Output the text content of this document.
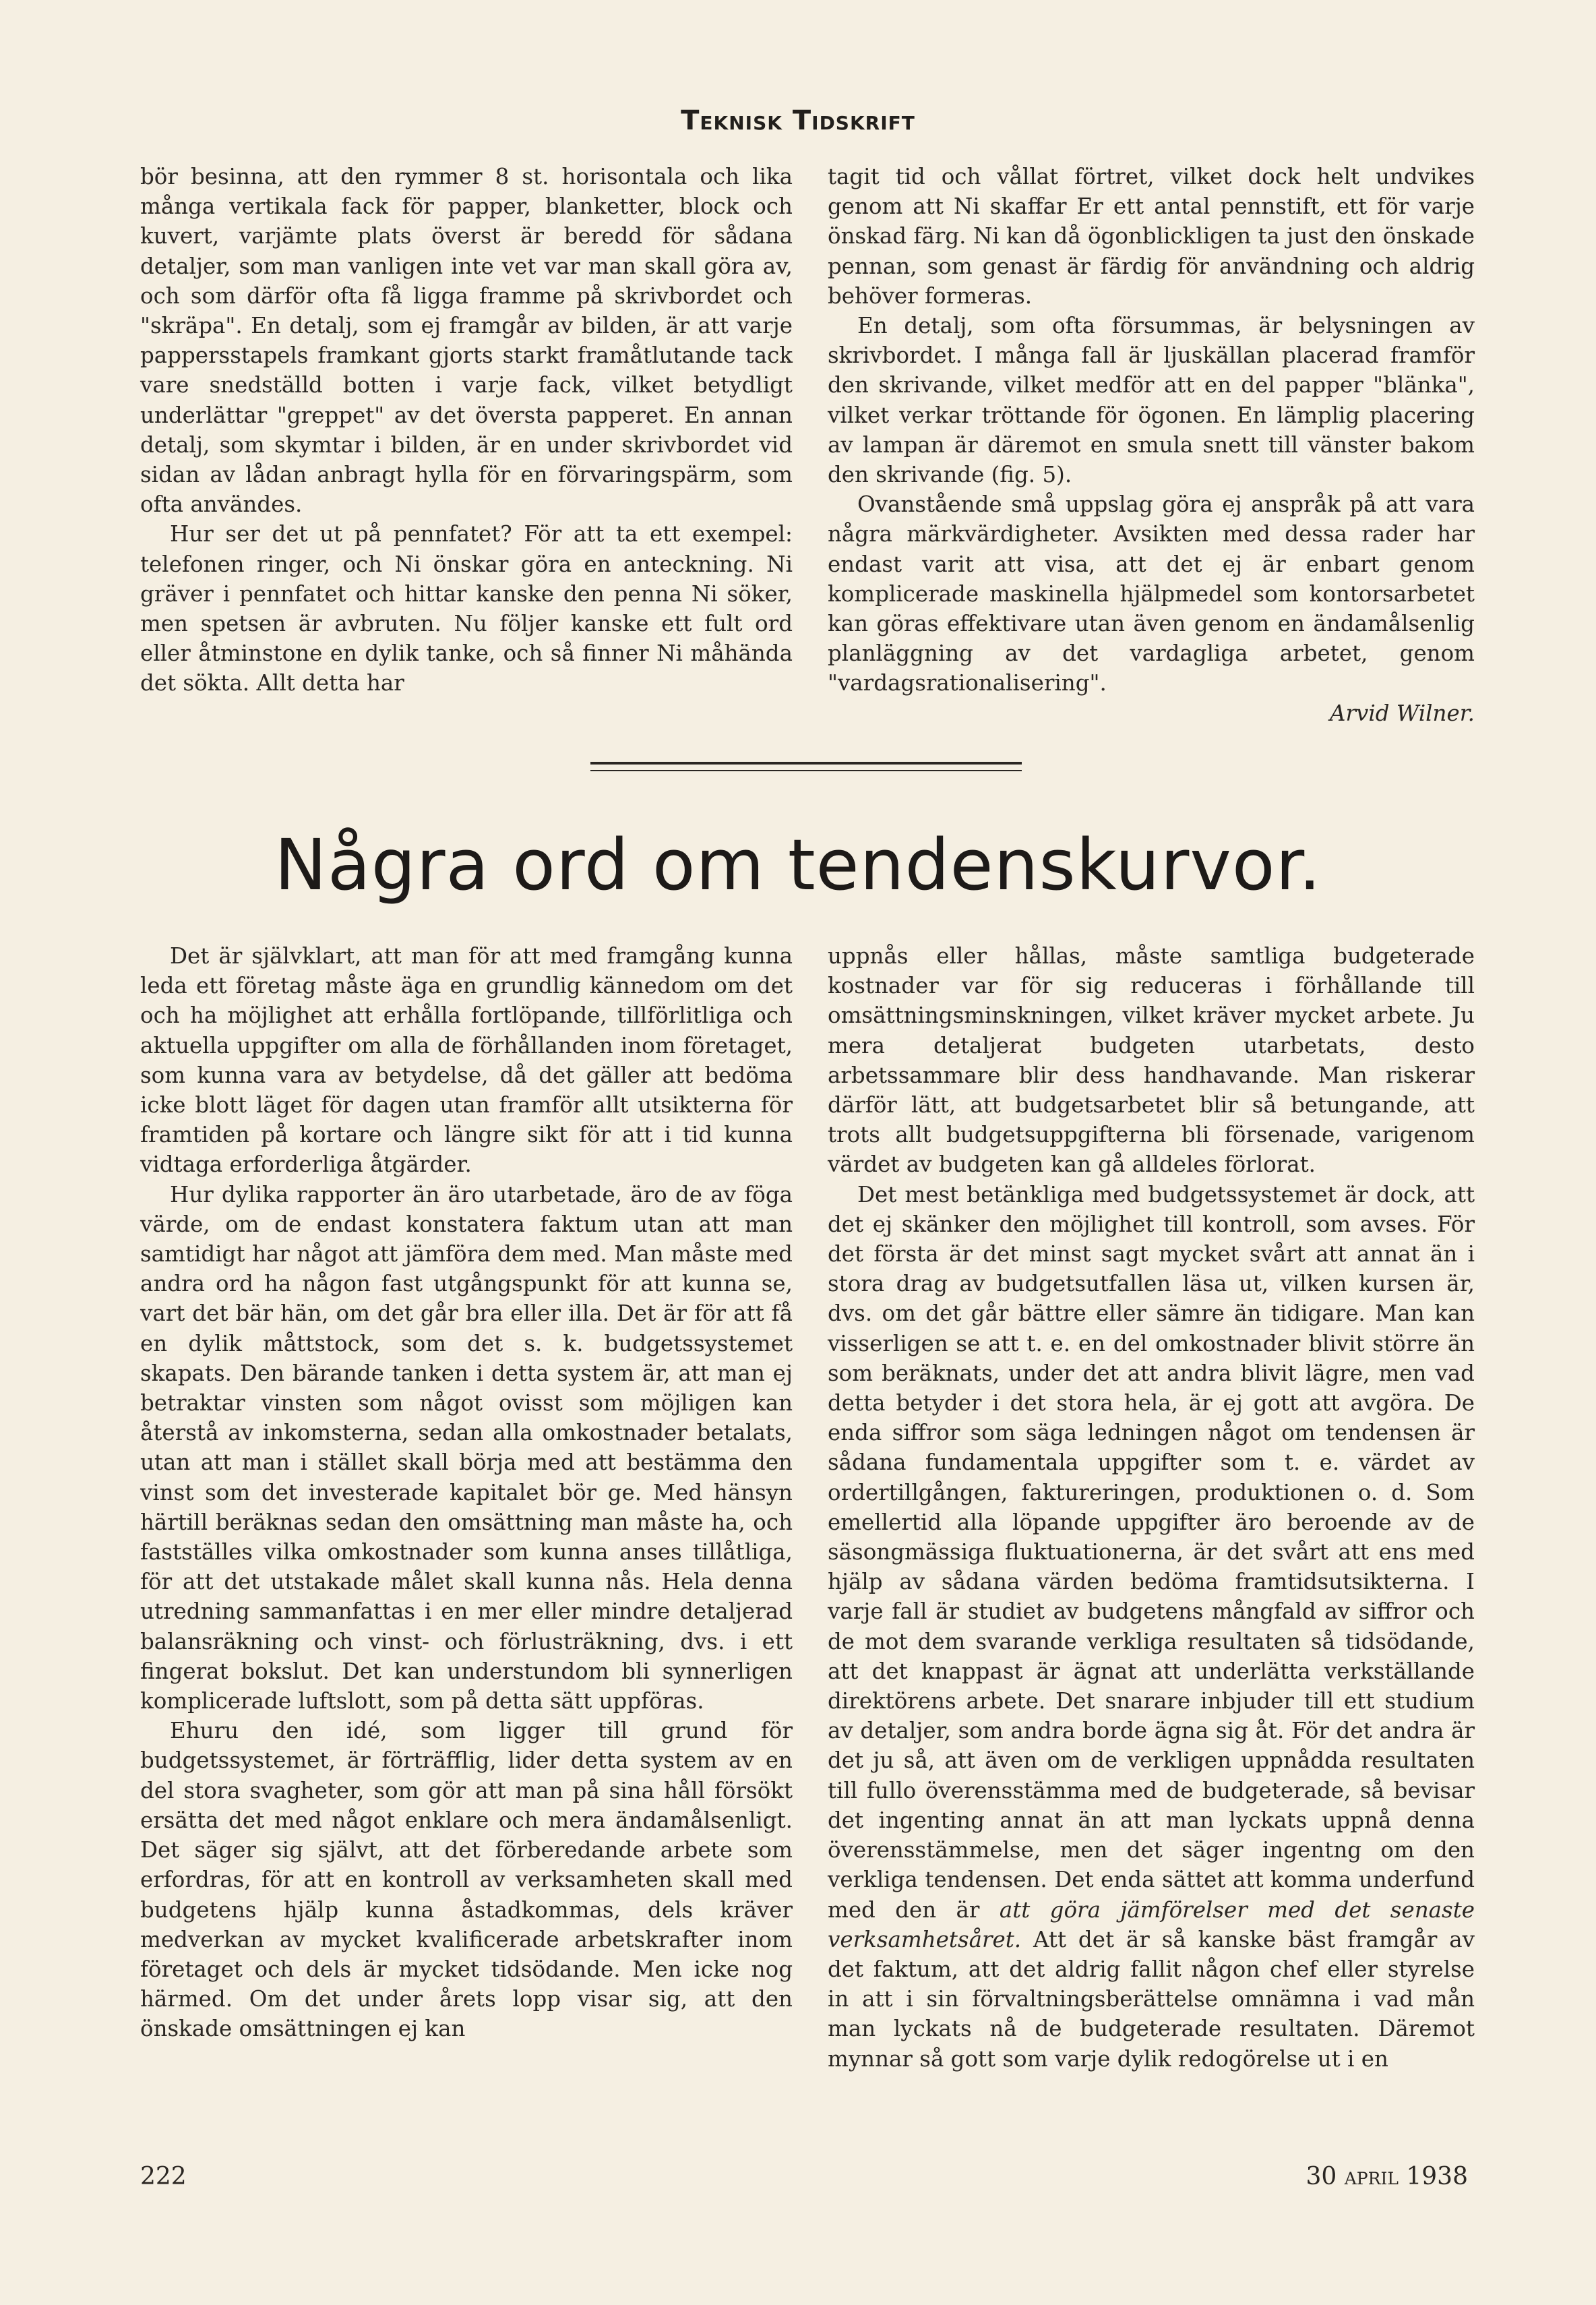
Teknisk Tidskrift

bör besinna, att den rymmer 8 st. horisontala och lika många vertikala fack för papper, blanketter, block och kuvert, varjämte plats överst är beredd för sådana detaljer, som man vanligen inte vet var man skall göra av, och som därför ofta få ligga framme på skrivbordet och "skräpa". En detalj, som ej framgår av bilden, är att varje pappersstapels framkant gjorts starkt framåtlutande tack vare snedställd botten i varje fack, vilket betydligt underlättar "greppet" av det översta papperet. En annan detalj, som skymtar i bilden, är en under skrivbordet vid sidan av lådan anbragt hylla för en förvaringspärm, som ofta användes.

Hur ser det ut på pennfatet? För att ta ett exempel: telefonen ringer, och Ni önskar göra en anteckning. Ni gräver i pennfatet och hittar kanske den penna Ni söker, men spetsen är avbruten. Nu följer kanske ett fult ord eller åtminstone en dylik tanke, och så finner Ni måhända det sökta. Allt detta har

tagit tid och vållat förtret, vilket dock helt undvikes genom att Ni skaffar Er ett antal pennstift, ett för varje önskad färg. Ni kan då ögonblickligen ta just den önskade pennan, som genast är färdig för användning och aldrig behöver formeras.

En detalj, som ofta försummas, är belysningen av skrivbordet. I många fall är ljuskällan placerad framför den skrivande, vilket medför att en del papper "blänka", vilket verkar tröttande för ögonen. En lämplig placering av lampan är däremot en smula snett till vänster bakom den skrivande (fig. 5).

Ovanstående små uppslag göra ej anspråk på att vara några märkvärdigheter. Avsikten med dessa rader har endast varit att visa, att det ej är enbart genom komplicerade maskinella hjälpmedel som kontorsarbetet kan göras effektivare utan även genom en ändamålsenlig planläggning av det vardagliga arbetet, genom "vardagsrationalisering".

Arvid Wilner.

Några ord om tendenskurvor.

Det är självklart, att man för att med framgång kunna leda ett företag måste äga en grundlig kännedom om det och ha möjlighet att erhålla fortlöpande, tillförlitliga och aktuella uppgifter om alla de förhållanden inom företaget, som kunna vara av betydelse, då det gäller att bedöma icke blott läget för dagen utan framför allt utsikterna för framtiden på kortare och längre sikt för att i tid kunna vidtaga erforderliga åtgärder.

Hur dylika rapporter än äro utarbetade, äro de av föga värde, om de endast konstatera faktum utan att man samtidigt har något att jämföra dem med. Man måste med andra ord ha någon fast utgångspunkt för att kunna se, vart det bär hän, om det går bra eller illa. Det är för att få en dylik måttstock, som det s. k. budgetssystemet skapats. Den bärande tanken i detta system är, att man ej betraktar vinsten som något ovisst som möjligen kan återstå av inkomsterna, sedan alla omkostnader betalats, utan att man i stället skall börja med att bestämma den vinst som det investerade kapitalet bör ge. Med hänsyn härtill beräknas sedan den omsättning man måste ha, och fastställes vilka omkostnader som kunna anses tillåtliga, för att det utstakade målet skall kunna nås. Hela denna utredning sammanfattas i en mer eller mindre detaljerad balansräkning och vinst- och förlusträkning, dvs. i ett fingerat bokslut. Det kan understundom bli synnerligen komplicerade luftslott, som på detta sätt uppföras.

Ehuru den idé, som ligger till grund för budgetssystemet, är förträfflig, lider detta system av en del stora svagheter, som gör att man på sina håll försökt ersätta det med något enklare och mera ändamålsenligt. Det säger sig självt, att det förberedande arbete som erfordras, för att en kontroll av verksamheten skall med budgetens hjälp kunna åstadkommas, dels kräver medverkan av mycket kvalificerade arbetskrafter inom företaget och dels är mycket tidsödande. Men icke nog härmed. Om det under årets lopp visar sig, att den önskade omsättningen ej kan

uppnås eller hållas, måste samtliga budgeterade kostnader var för sig reduceras i förhållande till omsättningsminskningen, vilket kräver mycket arbete. Ju mera detaljerat budgeten utarbetats, desto arbetssammare blir dess handhavande. Man riskerar därför lätt, att budgetsarbetet blir så betungande, att trots allt budgetsuppgifterna bli försenade, varigenom värdet av budgeten kan gå alldeles förlorat.

Det mest betänkliga med budgetssystemet är dock, att det ej skänker den möjlighet till kontroll, som avses. För det första är det minst sagt mycket svårt att annat än i stora drag av budgetsutfallen läsa ut, vilken kursen är, dvs. om det går bättre eller sämre än tidigare. Man kan visserligen se att t. e. en del omkostnader blivit större än som beräknats, under det att andra blivit lägre, men vad detta betyder i det stora hela, är ej gott att avgöra. De enda siffror som säga ledningen något om tendensen är sådana fundamentala uppgifter som t. e. värdet av ordertillgången, faktureringen, produktionen o. d. Som emellertid alla löpande uppgifter äro beroende av de säsongmässiga fluktuationerna, är det svårt att ens med hjälp av sådana värden bedöma framtidsutsikterna. I varje fall är studiet av budgetens mångfald av siffror och de mot dem svarande verkliga resultaten så tidsödande, att det knappast är ägnat att underlätta verkställande direktörens arbete. Det snarare inbjuder till ett studium av detaljer, som andra borde ägna sig åt. För det andra är det ju så, att även om de verkligen uppnådda resultaten till fullo överensstämma med de budgeterade, så bevisar det ingenting annat än att man lyckats uppnå denna överensstämmelse, men det säger ingentng om den verkliga tendensen. Det enda sättet att komma underfund med den är att göra jämförelser med det senaste verksamhetsåret. Att det är så kanske bäst framgår av det faktum, att det aldrig fallit någon chef eller styrelse in att i sin förvaltningsberättelse omnämna i vad mån man lyckats nå de budgeterade resultaten. Däremot mynnar så gott som varje dylik redogörelse ut i en

222	30 april 1938
